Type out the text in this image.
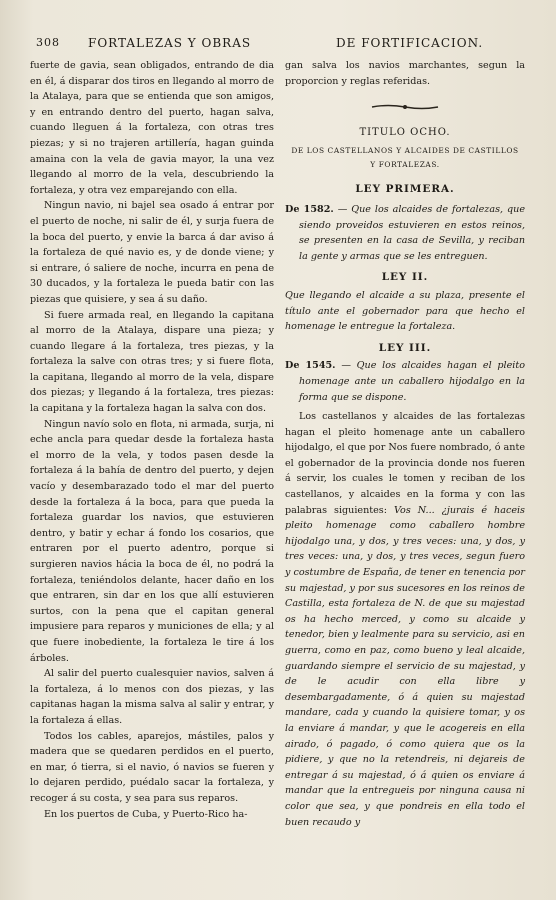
308 FORTALEZAS Y OBRAS	DE FORTIFICACION.

fuerte de gavia, sean obligados, entrando de dia en él, á disparar dos tiros en llegando al morro de la Atalaya, para que se entienda que son amigos, y en entrando dentro del puerto, hagan salva, cuando lleguen á la fortaleza, con otras tres piezas; y si no trajeren artillería, hagan guinda amaina con la vela de gavia mayor, la una vez llegando al morro de la vela, descubriendo la fortaleza, y otra vez emparejando con ella.

Ningun navio, ni bajel sea osado á entrar por el puerto de noche, ni salir de él, y surja fuera de la boca del puerto, y envie la barca á dar aviso á la fortaleza de qué navio es, y de donde viene; y si entrare, ó saliere de noche, incurra en pena de 30 ducados, y la fortaleza le pueda batir con las piezas que quisiere, y sea á su daño.

Si fuere armada real, en llegando la capitana al morro de la Atalaya, dispare una pieza; y cuando llegare á la fortaleza, tres piezas, y la fortaleza la salve con otras tres; y si fuere flota, la capitana, llegando al morro de la vela, dispare dos piezas; y llegando á la fortaleza, tres piezas: la capitana y la fortaleza hagan la salva con dos.

Ningun navío solo en flota, ni armada, surja, ni eche ancla para quedar desde la fortaleza hasta el morro de la vela, y todos pasen desde la fortaleza á la bahía de dentro del puerto, y dejen vacío y desembarazado todo el mar del puerto desde la fortaleza á la boca, para que pueda la fortaleza guardar los navios, que estuvieren dentro, y batir y echar á fondo los cosarios, que entraren por el puerto adentro, porque si surgieren navios hácia la boca de él, no podrá la fortaleza, teniéndolos delante, hacer daño en los que entraren, sin dar en los que allí estuvieren surtos, con la pena que el capitan general impusiere para reparos y municiones de ella; y al que fuere inobediente, la fortaleza le tire á los árboles.

Al salir del puerto cualesquier navios, salven á la fortaleza, á lo menos con dos piezas, y las capitanas hagan la misma salva al salir y entrar, y la fortaleza á ellas.

Todos los cables, aparejos, mástiles, palos y madera que se quedaren perdidos en el puerto, en mar, ó tierra, si el navio, ó navios se fueren y lo dejaren perdido, puédalo sacar la fortaleza, y recoger á su costa, y sea para sus reparos.

En los puertos de Cuba, y Puerto-Rico ha-

gan salva los navios marchantes, segun la proporcion y reglas referidas.

TITULO OCHO.

DE LOS CASTELLANOS Y ALCAIDES DE CASTILLOS

Y FORTALEZAS.

LEY PRIMERA.

De 1582. — Que los alcaides de fortalezas, que siendo proveidos estuvieren en estos reinos, se presenten en la casa de Sevilla, y reciban la gente y armas que se les entreguen.

LEY II.

Que llegando el alcaide a su plaza, presente el título ante el gobernador para que hecho el homenage le entregue la fortaleza.

LEY III.

De 1545. — Que los alcaides hagan el pleito homenage ante un caballero hijodalgo en la forma que se dispone.

Los castellanos y alcaides de las fortalezas hagan el pleito homenage ante un caballero hijodalgo, el que por Nos fuere nombrado, ó ante el gobernador de la provincia donde nos fueren á servir, los cuales le tomen y reciban de los castellanos, y alcaides en la forma y con las palabras siguientes: Vos N... ¿jurais é haceis pleito homenage como caballero hombre hijodalgo una, y dos, y tres veces: una, y dos, y tres veces: una, y dos, y tres veces, segun fuero y costumbre de España, de tener en tenencia por su majestad, y por sus sucesores en los reinos de Castilla, esta fortaleza de N. de que su majestad os ha hecho merced, y como su alcaide y tenedor, bien y lealmente para su servicio, asi en guerra, como en paz, como bueno y leal alcaide, guardando siempre el servicio de su majestad, y de le acudir con ella libre y desembargadamente, ó á quien su majestad mandare, cada y cuando la quisiere tomar, y os la enviare á mandar, y que le acogereis en ella airado, ó pagado, ó como quiera que os la pidiere, y que no la retendreis, ni dejareis de entregar á su majestad, ó á quien os enviare á mandar que la entregueis por ninguna causa ni color que sea, y que pondreis en ella todo el buen recaudo y
